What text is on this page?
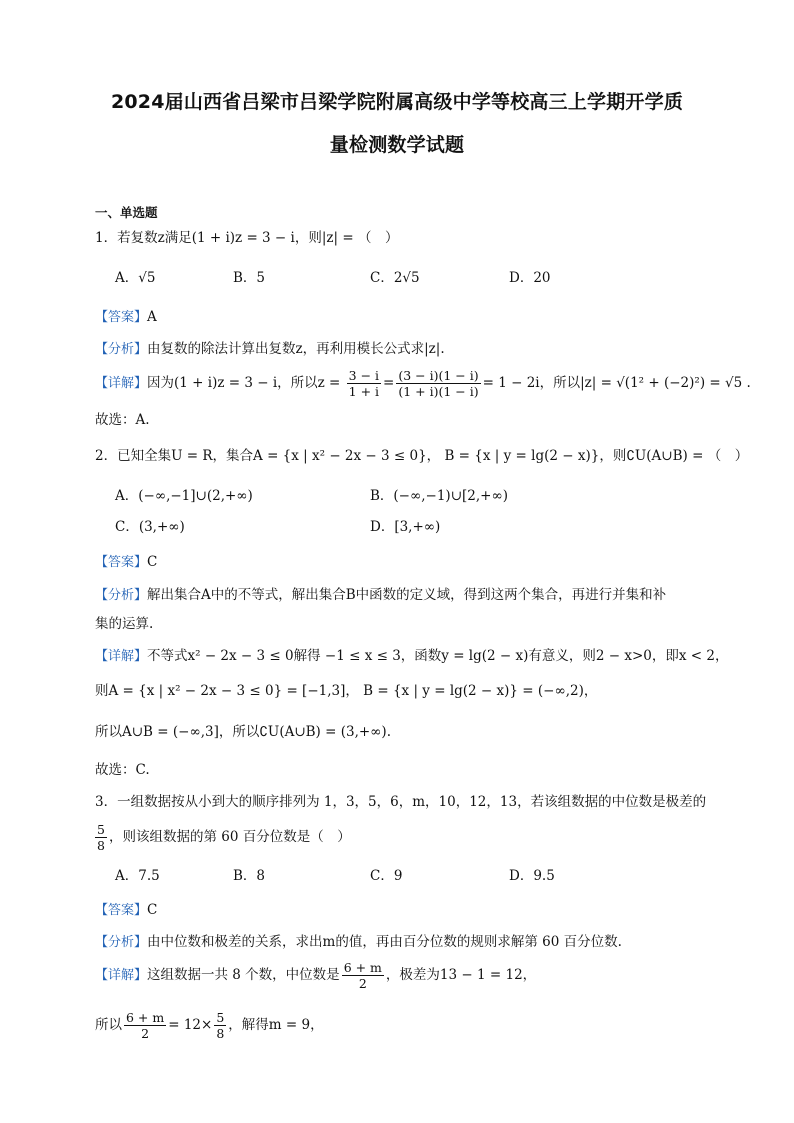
2024届山西省吕梁市吕梁学院附属高级中学等校高三上学期开学质
量检测数学试题
一、单选题
1．若复数z满足(1 + i)z = 3 − i，则|z| = （　）
A．√5	B．5	C．2√5	D．20
【答案】A
【分析】由复数的除法计算出复数z，再利用模长公式求|z|.
【详解】因为(1 + i)z = 3 − i，所以$z = \frac{3 - i}{1 + i} = \frac{(3 - i)(1 - i)}{(1 + i)(1 - i)} = 1 - 2i$，所以|z| = √(1² + (−2)²) = √5 .
故选：A.
2．已知全集U = R，集合A = {x | x² − 2x − 3 ≤ 0}， B = {x | y = lg(2 − x)}，则∁U(A∪B) = （　）
A．(−∞,−1]∪(2,+∞)	B．(−∞,−1)∪[2,+∞)
C．(3,+∞)	D．[3,+∞)
【答案】C
【分析】解出集合A中的不等式，解出集合B中函数的定义域，得到这两个集合，再进行并集和补
集的运算.
【详解】不等式x² − 2x − 3 ≤ 0解得 −1 ≤ x ≤ 3，函数y = lg(2 − x)有意义，则2 − x>0，即x < 2，
则A = {x | x² − 2x − 3 ≤ 0} = [−1,3]， B = {x | y = lg(2 − x)} = (−∞,2)，
所以A∪B = (−∞,3]，所以∁U(A∪B) = (3,+∞).
故选：C.
3．一组数据按从小到大的顺序排列为 1，3，5，6，m，10，12，13，若该组数据的中位数是极差的
$\frac{5}{8}$ ，则该组数据的第 60 百分位数是（　）
A．7.5	B．8	C．9	D．9.5
【答案】C
【分析】由中位数和极差的关系，求出m的值，再由百分位数的规则求解第 60 百分位数.
【详解】这组数据一共 8 个数，中位数是 $\frac{6 + m}{2}$ ，极差为13 − 1 = 12，
所以 $\frac{6 + m}{2} = 12\times \frac{5}{8}$ ，解得m = 9，
